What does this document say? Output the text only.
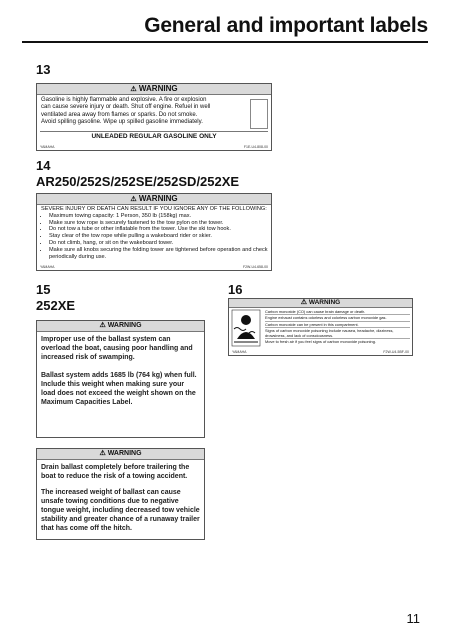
General and important labels
13
⚠ WARNING
Gasoline is highly flammable and explosive. A fire or explosion
can cause severe injury or death. Shut off engine. Refuel in well
ventilated area away from flames or sparks. Do not smoke.
Avoid spilling gasoline. Wipe up spilled gasoline immediately.
UNLEADED REGULAR GASOLINE ONLY
YAMAHA	F1E-U4-808-00
14
AR250/252S/252SE/252SD/252XE
⚠ WARNING
SEVERE INJURY OR DEATH CAN RESULT IF YOU IGNORE ANY OF THE FOLLOWING:
• Maximum towing capacity: 1 Person, 350 lb (158kg) max.
• Make sure tow rope is securely fastened to the tow pylon on the tower.
• Do not tow a tube or other inflatable from the tower. Use the ski tow hook.
• Stay clear of the tow rope while pulling a wakeboard rider or skier.
• Do not climb, hang, or sit on the wakeboard tower.
• Make sure all knobs securing the folding tower are tightened before operation and check periodically during use.
YAMAHA	F2W-U4-658-00
15
252XE
⚠ WARNING

Improper use of the ballast system can overload the boat, causing poor handling and increased risk of swamping.

Ballast system adds 1685 lb (764 kg) when full. Include this weight when making sure your load does not exceed the weight shown on the Maximum Capacities Label.

⚠ WARNING

Drain ballast completely before trailering the boat to reduce the risk of a towing accident.

The increased weight of ballast can cause unsafe towing conditions due to negative tongue weight, including decreased tow vehicle stability and greater chance of a runaway trailer that has come off the hitch.

16
⚠ WARNING
Carbon monoxide (CO) can cause brain damage or death.
Engine exhaust contains odorless and colorless carbon monoxide gas.
Carbon monoxide can be present in this compartment.
Signs of carbon monoxide poisoning include nausea, headache, dizziness, drowsiness, and lack of consciousness.
Move to fresh air if you feel signs of carbon monoxide poisoning.
YAMAHA	F2W-U4-5BF-00
11
